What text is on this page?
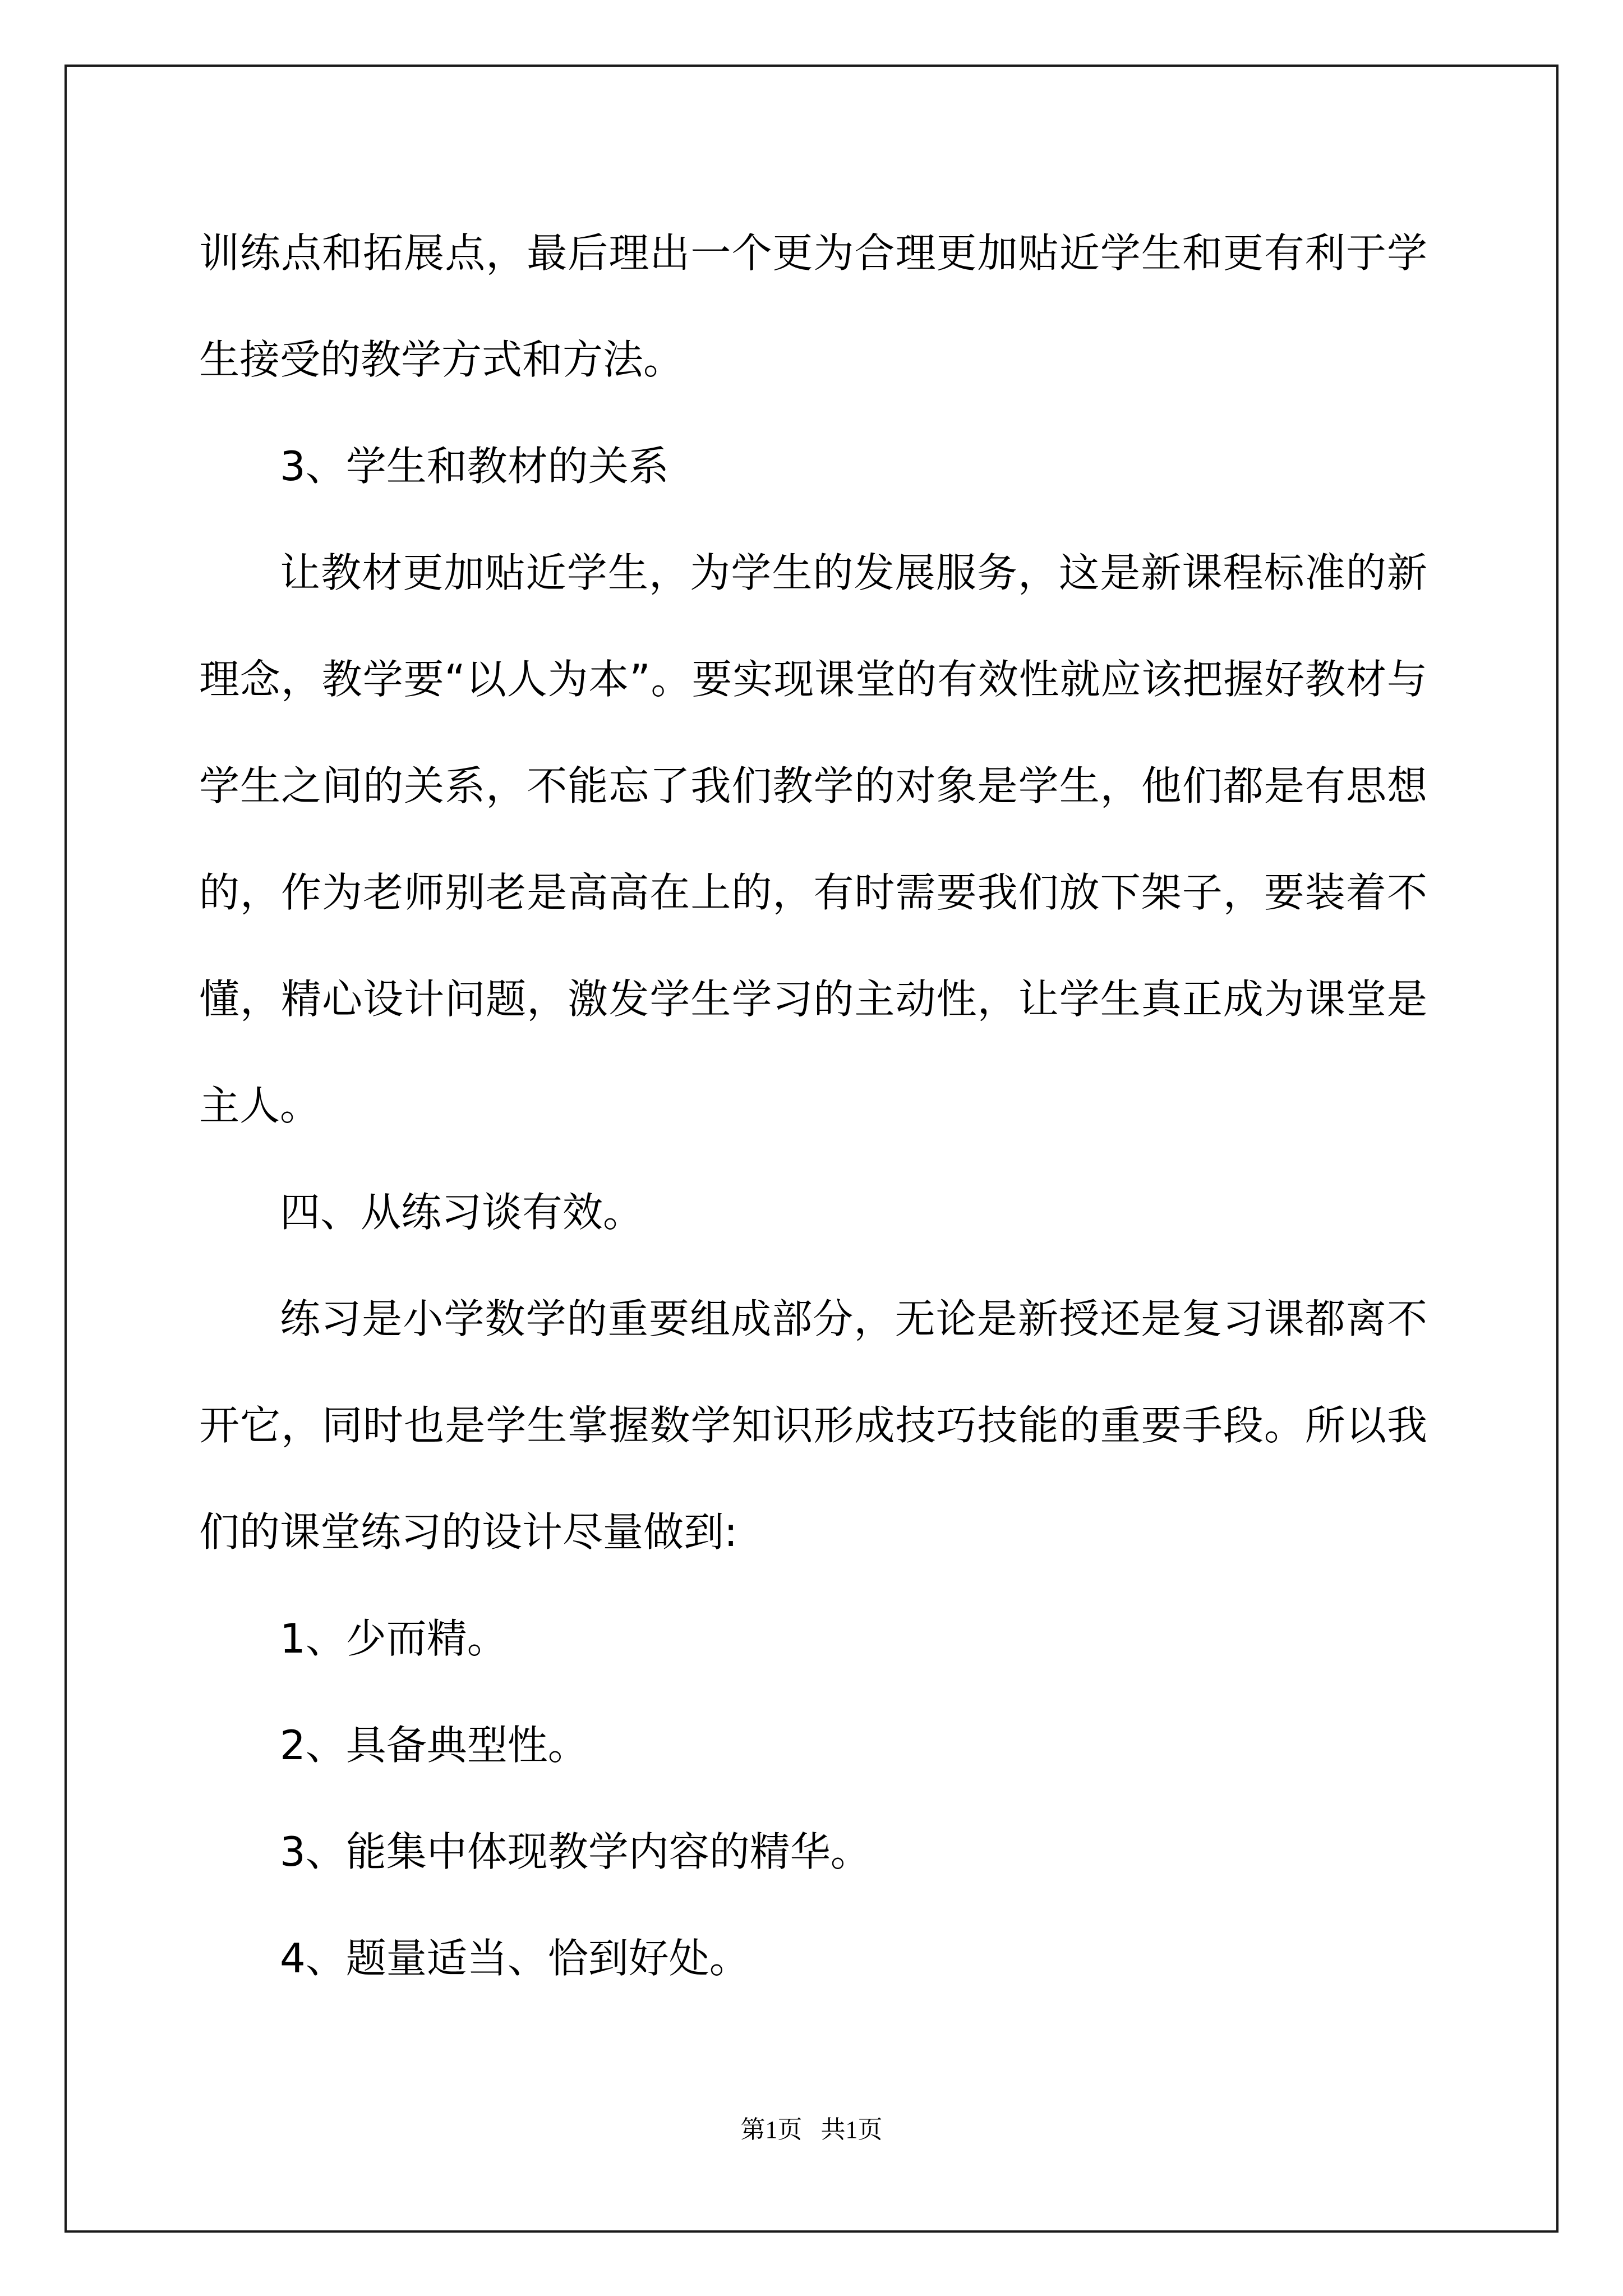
训练点和拓展点，最后理出一个更为合理更加贴近学生和更有利于学生接受的教学方式和方法。

3、学生和教材的关系

让教材更加贴近学生，为学生的发展服务，这是新课程标准的新理念，教学要“以人为本”。要实现课堂的有效性就应该把握好教材与学生之间的关系，不能忘了我们教学的对象是学生，他们都是有思想的，作为老师别老是高高在上的，有时需要我们放下架子，要装着不懂，精心设计问题，激发学生学习的主动性，让学生真正成为课堂是主人。

四、从练习谈有效。

练习是小学数学的重要组成部分，无论是新授还是复习课都离不开它，同时也是学生掌握数学知识形成技巧技能的重要手段。所以我们的课堂练习的设计尽量做到:

1、少而精。

2、具备典型性。

3、能集中体现教学内容的精华。

4、题量适当、恰到好处。

第1页 共1页
